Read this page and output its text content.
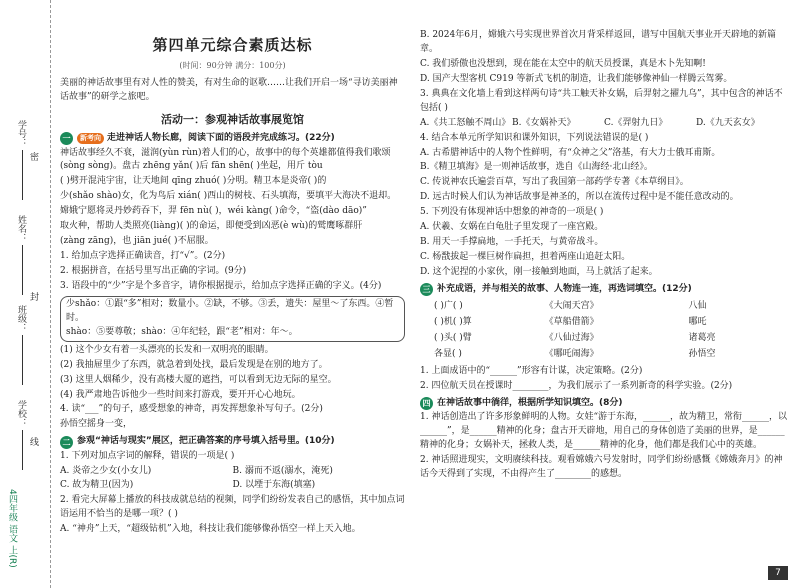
学号：
姓名：
班级：
学校：
密
封
线
4四年级 语文 上(R)
第四单元综合素质达标
(时间：90分钟 满分：100分)
美丽的神话故事里有对人性的赞美，有对生命的讴歌……让我们开启一场“寻访美丽神话故事”的研学之旅吧。
活动一：参观神话故事展览馆
一	新考向 走进神话人物长廊，阅读下面的语段并完成练习。(22分)
神话故事经久不衰，滋润(yùn rùn)着人们的心，故事中的每个英雄都值得我们歌颂(sòng sòng)。盘古 zhēng yǎn( )后 fān shēn( )坐起，用斤 tòu
( )劈开混沌宇宙，让天地间 qīng zhuó( )分明。精卫本是炎帝( )的
少(shǎo shào)女，化为鸟后 xián( )西山的树枝、石头填海，要填平大海决不退却。
嫦娥宁愿将灵丹妙药吞下，羿 fēn nù( )，wéi kàng( )命令，“盗(dào dāo)”
取火种，帮助人类照亮(liàng)( )的命运，即便受到凶恶(è wù)的鹫鹰啄群肝
(zàng zāng)，也 jiān jué( )不屈服。
1. 给加点字选择正确读音，打“√”。(2分)
2. 根据拼音，在括号里写出正确的字词。(9分)
3. 语段中的“少”字是个多音字，请你根据提示，给加点字选择正确的字义。(4分)
少shǎo：①跟“多”相对；数量小。②缺，不够。③丢，遗失：屋里～了东西。④暂时。
shào：⑤要尊敬；shào：④年纪轻，跟“老”相对：年～。
(1) 这个少女有着一头漂亮的长发和一双明亮的眼睛。
(2) 我抽屉里少了东西，就急着到处找，最后发现是在别的地方了。
(3) 这里人烟稀少，没有高楼大厦的遮挡，可以看到无边无际的星空。
(4) 我严肃地告诉他少一些时间来打游戏，要开开心心地玩。
4. 读“___”的句子，感受想象的神奇，再发挥想象补写句子。(2分)
孙悟空摇身一变，
二 参观“神话与现实”展区，把正确答案的序号填入括号里。(10分)
1. 下列对加点字词的解释，错误的一项是( )
A. 炎帝之少女(小女儿)	B. 溺而不返(溺水，淹死)
C. 故为精卫(因为)	D. 以堙于东海(填塞)
2. 看完大屏幕上播放的科技成就总结的视频，同学们纷纷发表自己的感悟，其中加点词语运用不恰当的是哪一项？( )
A. “神舟”上天，“超级钻机”入地，科技让我们能够像孙悟空一样上天入地。
B. 2024年6月，嫦娥六号实现世界首次月背采样返回，谱写中国航天事业开天辟地的新篇章。
C. 我们骄傲也没想到，现在能在太空中的航天员授课，真是木卜先知啊!
D. 国产大型客机 C919 等新式飞机的制造，让我们能够像神仙一样腾云驾雾。
3. 典典在文化墙上看到这样两句诗“共工触天补女娲，后羿射之擢九乌”，其中包含的神话不包括( )
A.《共工怒触不周山》 B.《女娲补天》	C.《羿射九日》	D.《九天玄女》
4. 结合本单元所学知识和课外知识，下列说法错误的是( )
A. 古希腊神话中的人物个性鲜明，有“众神之父”洛基，有大力士俄耳甫斯。
B.《精卫填海》是一则神话故事，选自《山海经·北山经》。
C. 传说神农氏遍尝百草，写出了我国第一部药学专著《本草纲目》。
D. 远古时候人们认为神话故事是神圣的，所以在流传过程中是不能任意改动的。
5. 下列没有体现神话中想象的神奇的一项是( )
A. 伏羲、女娲在白龟肚子里发现了一座宫殿。
B. 用天一手撑扁地，一手托天，与黄帝战斗。
C. 杨戬拔起一棵巨树作扁担，担着两座山追赶太阳。
D. 这个泥捏的小家伙，刚一接触到地面，马上就活了起来。
三 补充成语，并与相关的故事、人物连一连，再选词填空。(12分)
( )广( )	《大闹天宫》	八仙
( )机( )算	《草船借箭》	哪吒
( )头( )臂	《八仙过海》	诸葛亮
各显( )	《哪吒闹海》	孙悟空
1. 上面成语中的“______”形容有计谋，决定策略。(2分)
2. 四位航天员在授课时________，为我们展示了一系列新奇的科学实验。(2分)
四 在神话故事中徜徉，根据所学知识填空。(8分)
1. 神话创造出了许多形象鲜明的人物。女娃“游于东海，______，故为精卫，常衔______，以______”，是______精神的化身；盘古开天辟地，用自己的身体创造了美丽的世界，是______精神的化身；女娲补天，拯救人类，是______精神的化身，他们都是我们心中的英雄。
2. 神话照进现实，文明赓续科技。观看嫦娥六号发射时，同学们纷纷感慨《嫦娥奔月》的神话今天得到了实现，不由得产生了________的感想。
7
